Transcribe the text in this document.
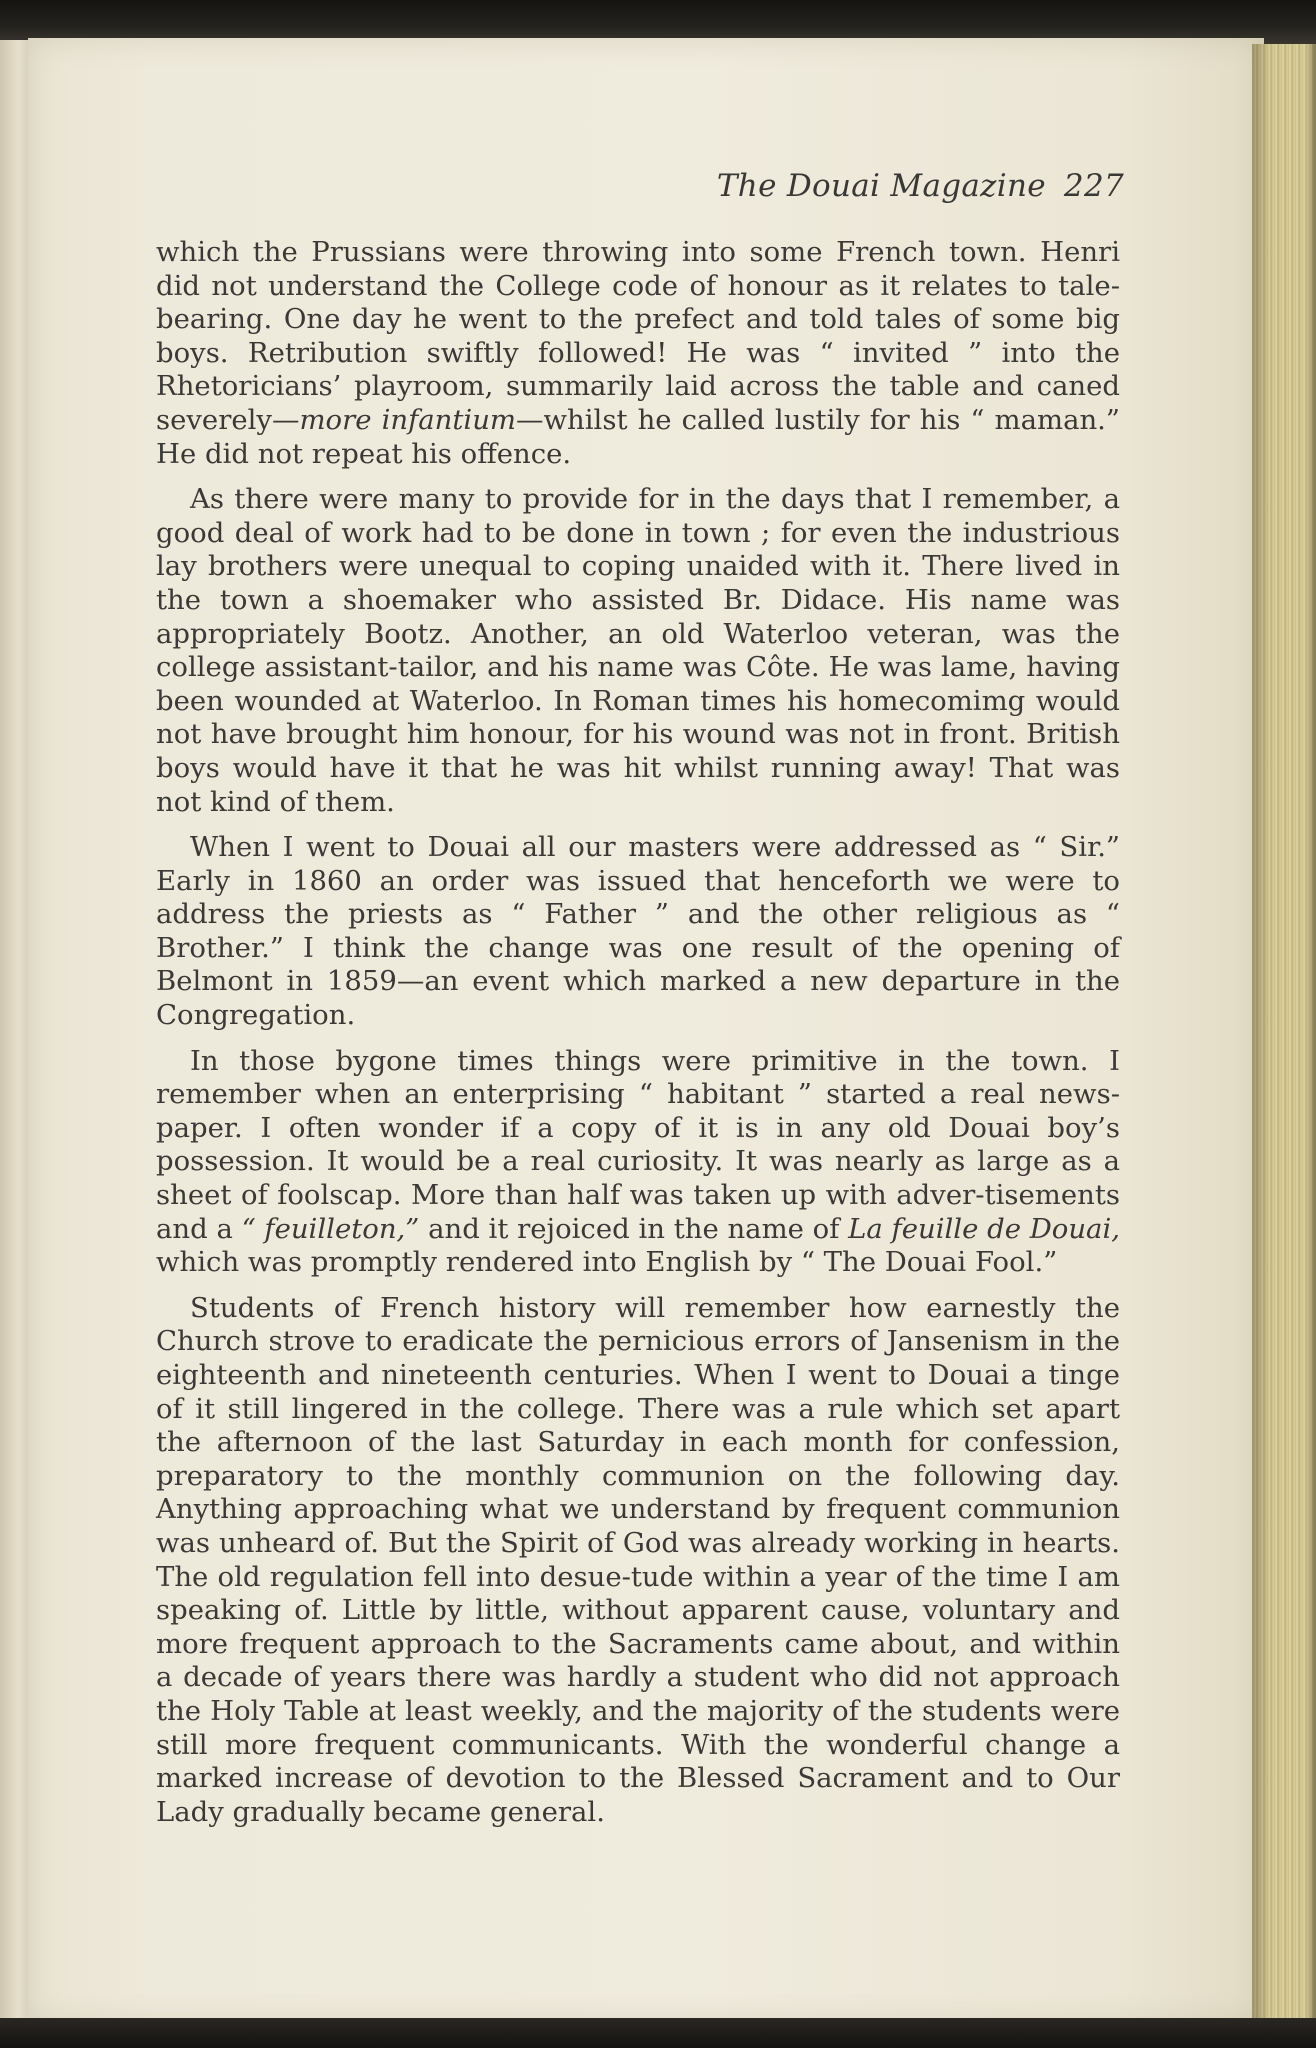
The Douai Magazine 227

which the Prussians were throwing into some French town. Henri did not understand the College code of honour as it relates to tale-bearing. One day he went to the prefect and told tales of some big boys. Retribution swiftly followed! He was “ invited ” into the Rhetoricians’ playroom, summarily laid across the table and caned severely—more infantium—whilst he called lustily for his “ maman.” He did not repeat his offence.

As there were many to provide for in the days that I remember, a good deal of work had to be done in town ; for even the industrious lay brothers were unequal to coping unaided with it. There lived in the town a shoemaker who assisted Br. Didace. His name was appropriately Bootz. Another, an old Waterloo veteran, was the college assistant-tailor, and his name was Côte. He was lame, having been wounded at Waterloo. In Roman times his homecomimg would not have brought him honour, for his wound was not in front. British boys would have it that he was hit whilst running away! That was not kind of them.

When I went to Douai all our masters were addressed as “ Sir.” Early in 1860 an order was issued that henceforth we were to address the priests as “ Father ” and the other religious as “ Brother.” I think the change was one result of the opening of Belmont in 1859—an event which marked a new departure in the Congregation.

In those bygone times things were primitive in the town. I remember when an enterprising “ habitant ” started a real news-paper. I often wonder if a copy of it is in any old Douai boy’s possession. It would be a real curiosity. It was nearly as large as a sheet of foolscap. More than half was taken up with adver-tisements and a “ feuilleton,” and it rejoiced in the name of La feuille de Douai, which was promptly rendered into English by “ The Douai Fool.”

Students of French history will remember how earnestly the Church strove to eradicate the pernicious errors of Jansenism in the eighteenth and nineteenth centuries. When I went to Douai a tinge of it still lingered in the college. There was a rule which set apart the afternoon of the last Saturday in each month for confession, preparatory to the monthly communion on the following day. Anything approaching what we understand by frequent communion was unheard of. But the Spirit of God was already working in hearts. The old regulation fell into desue-tude within a year of the time I am speaking of. Little by little, without apparent cause, voluntary and more frequent approach to the Sacraments came about, and within a decade of years there was hardly a student who did not approach the Holy Table at least weekly, and the majority of the students were still more frequent communicants. With the wonderful change a marked increase of devotion to the Blessed Sacrament and to Our Lady gradually became general.
